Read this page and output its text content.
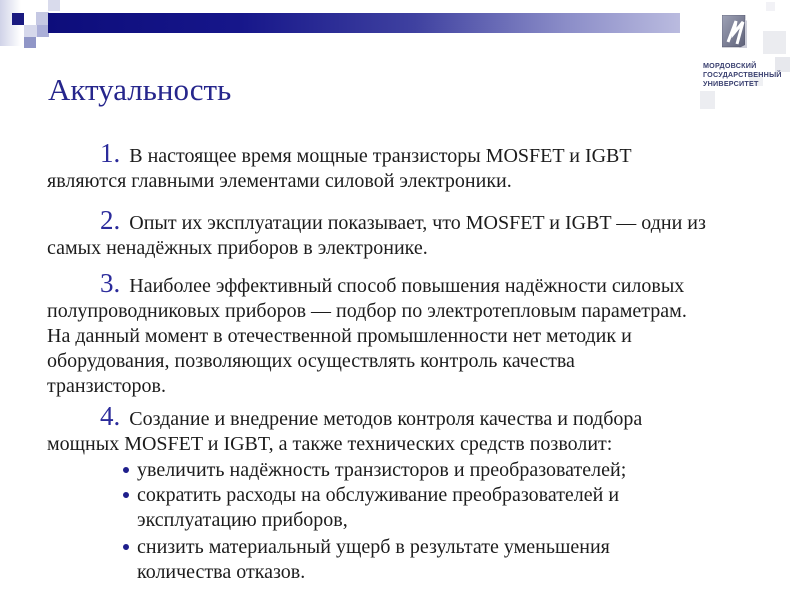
МОРДОВСКИЙ
ГОСУДАРСТВЕННЫЙ
УНИВЕРСИТЕТ
Актуальность
1. В настоящее время мощные транзисторы MOSFET и IGBT
являются главными элементами силовой электроники.
2. Опыт их эксплуатации показывает, что MOSFET и IGBT — одни из
самых ненадёжных приборов в электронике.
3. Наиболее эффективный способ повышения надёжности силовых
полупроводниковых приборов — подбор по электротепловым параметрам.
На данный момент в отечественной промышленности нет методик и
оборудования, позволяющих осуществлять контроль качества
транзисторов.
4. Создание и внедрение методов контроля качества и подбора
мощных MOSFET и IGBT, а также технических средств позволит:
увеличить надёжность транзисторов и преобразователей;
сократить расходы на обслуживание преобразователей и
эксплуатацию приборов,
снизить материальный ущерб в результате уменьшения
количества отказов.
